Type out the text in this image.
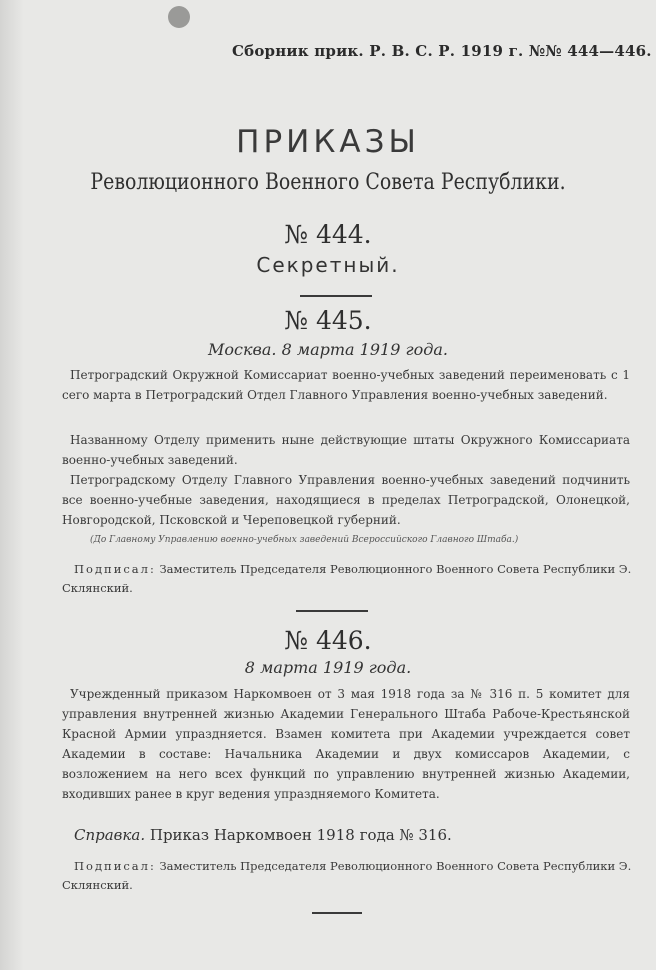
Сборник прик. Р. В. С. Р. 1919 г. №№ 444—446.
ПРИКАЗЫ
Революционного Военного Совета Республики.
№ 444.
Секретный.
№ 445.
Москва. 8 марта 1919 года.
Петроградский Окружной Комиссариат военно-учебных заведений переименовать с 1 сего марта в Петроградский Отдел Главного Управления военно-учебных заведений.
Названному Отделу применить ныне действующие штаты Окружного Комиссариата военно-учебных заведений.
Петроградскому Отделу Главного Управления военно-учебных заведений подчинить все военно-учебные заведения, находящиеся в пределах Петроградской, Олонецкой, Новгородской, Псковской и Череповецкой губерний.
(До Главному Управлению военно-учебных заведений Всероссийского Главного Штаба.)
Подписал: Заместитель Председателя Революционного Военного Совета Республики Э. Склянский.
№ 446.
8 марта 1919 года.
Учрежденный приказом Наркомвоен от 3 мая 1918 года за № 316 п. 5 комитет для управления внутренней жизнью Академии Генерального Штаба Рабоче-Крестьянской Красной Армии упраздняется. Взамен комитета при Академии учреждается совет Академии в составе: Начальника Академии и двух комиссаров Академии, с возложением на него всех функций по управлению внутренней жизнью Академии, входивших ранее в круг ведения упраздняемого Комитета.
Справка. Приказ Наркомвоен 1918 года № 316.
Подписал: Заместитель Председателя Революционного Военного Совета Республики Э. Склянский.
